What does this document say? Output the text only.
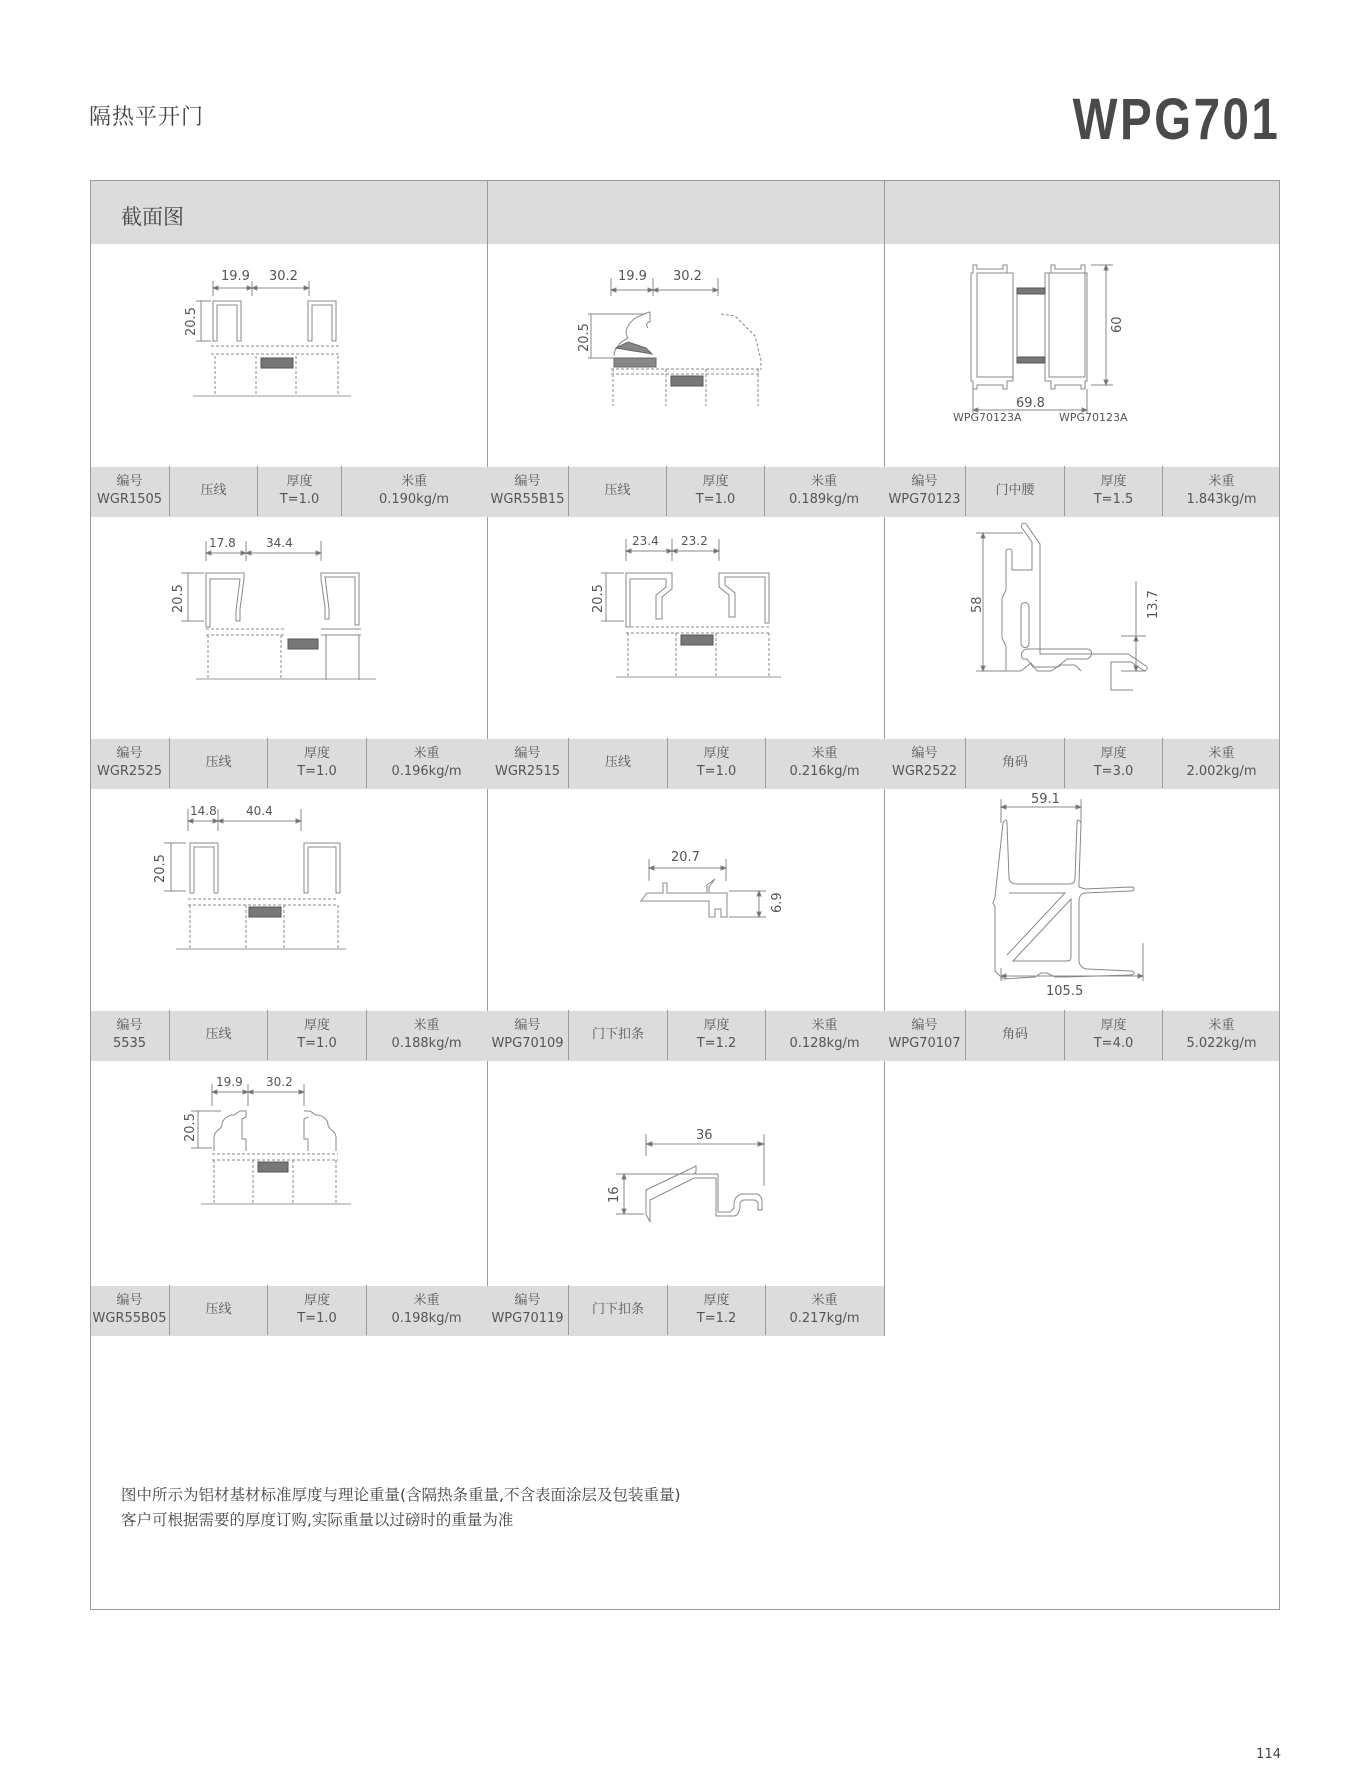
隔热平开门	WPG701
截面图
19.9 30.2
20.5
19.9 30.2
20.5	60
69.8
WPG70123A	WPG70123A
17.8	34.4
20.5
23.4 23.2
20.5	58	13.7
14.8 40.4
20.5	20.7
6.9
59.1
105.5
19.9 30.2
20.5	36
16
图中所示为铝材基材标准厚度与理论重量(含隔热条重量,不含表面涂层及包装重量)
客户可根据需要的厚度订购,实际重量以过磅时的重量为准
114
编号
WGR1505
压线
厚度
T=1.0
米重
0.190kg/m
编号
WGR55B15
压线
厚度
T=1.0
米重
0.189kg/m
编号
WPG70123
门中腰
厚度
T=1.5
米重
1.843kg/m
编号
WGR2525
压线
厚度
T=1.0
米重
0.196kg/m
编号
WGR2515
压线
厚度
T=1.0
米重
0.216kg/m
编号
WGR2522
角码
厚度
T=3.0
米重
2.002kg/m
编号
5535
压线
厚度
T=1.0
米重
0.188kg/m
编号
WPG70109
门下扣条
厚度
T=1.2
米重
0.128kg/m
编号
WPG70107
角码
厚度
T=4.0
米重
5.022kg/m
编号
WGR55B05
压线
厚度
T=1.0
米重
0.198kg/m
编号
WPG70119
门下扣条
厚度
T=1.2
米重
0.217kg/m
